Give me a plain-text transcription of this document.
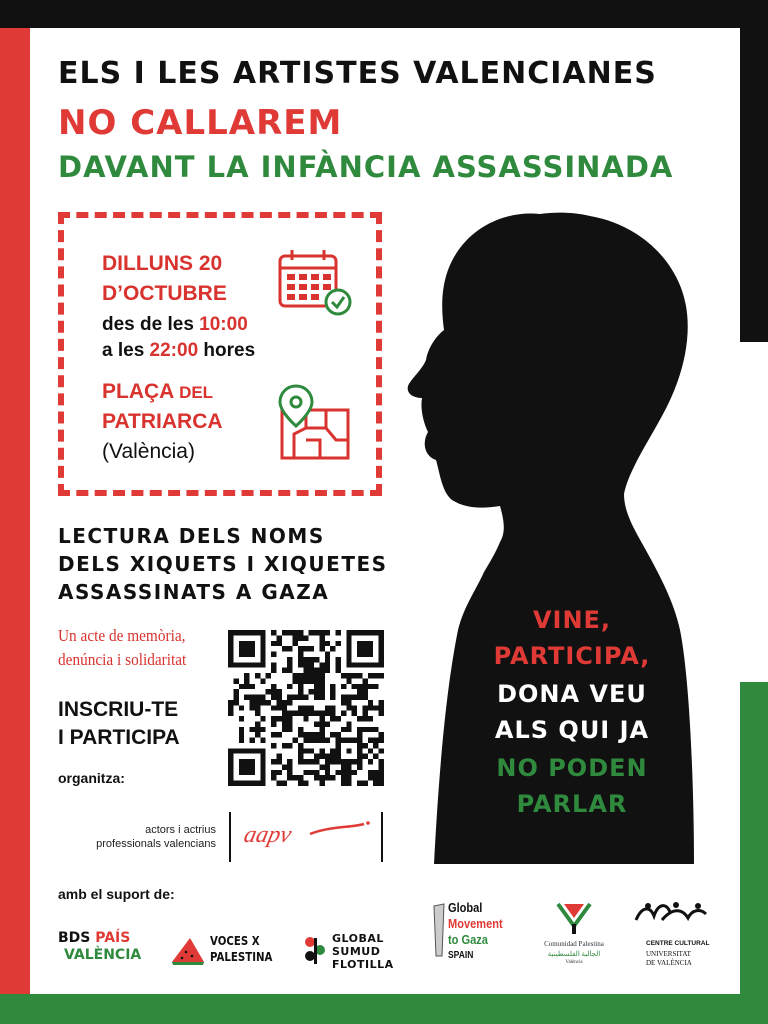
ELS I LES ARTISTES VALENCIANES
NO CALLAREM
DAVANT LA INFÀNCIA ASSASSINADA
VINE,
PARTICIPA,
DONA VEU
ALS QUI JA
NO PODEN
PARLAR
DILLUNS 20
D’OCTUBRE
des de les 10:00
a les 22:00 hores
PLAÇA DEL
PATRIARCA
(València)
LECTURA DELS NOMS
DELS XIQUETS I XIQUETES
ASSASSINATS A GAZA
Un acte de memòria,
denúncia i solidaritat
INSCRIU-TE
I PARTICIPA
organitza:
actors i actrius
professionals valencians aapv
amb el suport de:
BDS PAÍS
VALÈNCIA
VOCES X
PALESTINA
GLOBAL
SUMUD
FLOTILLA
Global
Movement
to Gaza
SPAIN
Comunidad Palestina
الجالية الفلسطينية
València
CENTRE CULTURAL
UNIVERSITAT
DE VALÈNCIA
